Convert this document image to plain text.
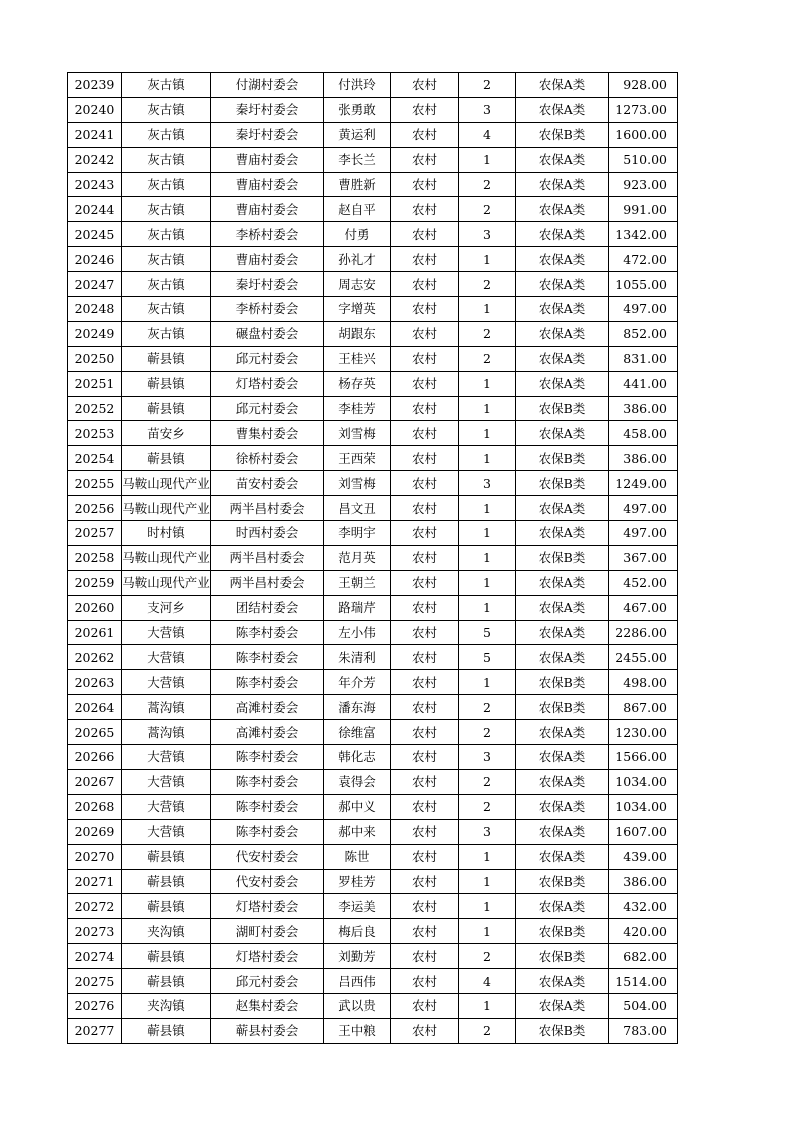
20239	灰古镇	付湖村委会	付洪玲	农村	2	农保A类	928.00
20240	灰古镇	秦圩村委会	张勇敢	农村	3	农保A类	1273.00
20241	灰古镇	秦圩村委会	黄运利	农村	4	农保B类	1600.00
20242	灰古镇	曹庙村委会	李长兰	农村	1	农保A类	510.00
20243	灰古镇	曹庙村委会	曹胜新	农村	2	农保A类	923.00
20244	灰古镇	曹庙村委会	赵自平	农村	2	农保A类	991.00
20245	灰古镇	李桥村委会	付勇	农村	3	农保A类	1342.00
20246	灰古镇	曹庙村委会	孙礼才	农村	1	农保A类	472.00
20247	灰古镇	秦圩村委会	周志安	农村	2	农保A类	1055.00
20248	灰古镇	李桥村委会	字增英	农村	1	农保A类	497.00
20249	灰古镇	碾盘村委会	胡跟东	农村	2	农保A类	852.00
20250	蕲县镇	邱元村委会	王桂兴	农村	2	农保A类	831.00
20251	蕲县镇	灯塔村委会	杨存英	农村	1	农保A类	441.00
20252	蕲县镇	邱元村委会	李桂芳	农村	1	农保B类	386.00
20253	苗安乡	曹集村委会	刘雪梅	农村	1	农保A类	458.00
20254	蕲县镇	徐桥村委会	王西荣	农村	1	农保B类	386.00
20255	马鞍山现代产业	苗安村委会	刘雪梅	农村	3	农保B类	1249.00
20256	马鞍山现代产业	两半昌村委会	昌文丑	农村	1	农保A类	497.00
20257	时村镇	时西村委会	李明宇	农村	1	农保A类	497.00
20258	马鞍山现代产业	两半昌村委会	范月英	农村	1	农保B类	367.00
20259	马鞍山现代产业	两半昌村委会	王朝兰	农村	1	农保A类	452.00
20260	支河乡	团结村委会	路瑞芹	农村	1	农保A类	467.00
20261	大营镇	陈李村委会	左小伟	农村	5	农保A类	2286.00
20262	大营镇	陈李村委会	朱清利	农村	5	农保A类	2455.00
20263	大营镇	陈李村委会	年介芳	农村	1	农保B类	498.00
20264	蒿沟镇	高滩村委会	潘东海	农村	2	农保B类	867.00
20265	蒿沟镇	高滩村委会	徐维富	农村	2	农保A类	1230.00
20266	大营镇	陈李村委会	韩化志	农村	3	农保A类	1566.00
20267	大营镇	陈李村委会	袁得会	农村	2	农保A类	1034.00
20268	大营镇	陈李村委会	郝中义	农村	2	农保A类	1034.00
20269	大营镇	陈李村委会	郝中来	农村	3	农保A类	1607.00
20270	蕲县镇	代安村委会	陈世	农村	1	农保A类	439.00
20271	蕲县镇	代安村委会	罗桂芳	农村	1	农保B类	386.00
20272	蕲县镇	灯塔村委会	李运美	农村	1	农保A类	432.00
20273	夹沟镇	湖町村委会	梅后良	农村	1	农保B类	420.00
20274	蕲县镇	灯塔村委会	刘勤芳	农村	2	农保B类	682.00
20275	蕲县镇	邱元村委会	吕西伟	农村	4	农保A类	1514.00
20276	夹沟镇	赵集村委会	武以贵	农村	1	农保A类	504.00
20277	蕲县镇	蕲县村委会	王中粮	农村	2	农保B类	783.00
